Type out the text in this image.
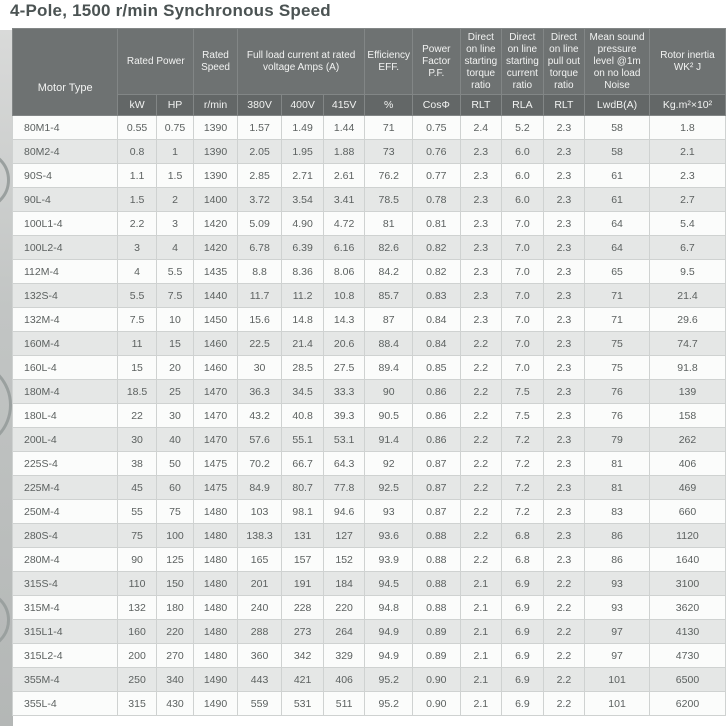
4-Pole, 1500 r/min Synchronous Speed
Motor Type	Rated Power		Rated Speed	Full load current at rated voltage Amps (A)			Efficiency EFF.	Power Factor P.F.	Direct on line starting torque ratio	Direct on line starting current ratio	Direct on line pull out torque ratio	Mean sound pressure level @1m on no load Noise	Rotor inertia WK² J
	kW	HP	r/min	380V	400V	415V	%	CosΦ	RLT	RLA	RLT	LwdB(A)	Kg.m²×10²
80M1-4	0.55	0.75	1390	1.57	1.49	1.44	71	0.75	2.4	5.2	2.3	58	1.8
80M2-4	0.8	1	1390	2.05	1.95	1.88	73	0.76	2.3	6.0	2.3	58	2.1
90S-4	1.1	1.5	1390	2.85	2.71	2.61	76.2	0.77	2.3	6.0	2.3	61	2.3
90L-4	1.5	2	1400	3.72	3.54	3.41	78.5	0.78	2.3	6.0	2.3	61	2.7
100L1-4	2.2	3	1420	5.09	4.90	4.72	81	0.81	2.3	7.0	2.3	64	5.4
100L2-4	3	4	1420	6.78	6.39	6.16	82.6	0.82	2.3	7.0	2.3	64	6.7
112M-4	4	5.5	1435	8.8	8.36	8.06	84.2	0.82	2.3	7.0	2.3	65	9.5
132S-4	5.5	7.5	1440	11.7	11.2	10.8	85.7	0.83	2.3	7.0	2.3	71	21.4
132M-4	7.5	10	1450	15.6	14.8	14.3	87	0.84	2.3	7.0	2.3	71	29.6
160M-4	11	15	1460	22.5	21.4	20.6	88.4	0.84	2.2	7.0	2.3	75	74.7
160L-4	15	20	1460	30	28.5	27.5	89.4	0.85	2.2	7.0	2.3	75	91.8
180M-4	18.5	25	1470	36.3	34.5	33.3	90	0.86	2.2	7.5	2.3	76	139
180L-4	22	30	1470	43.2	40.8	39.3	90.5	0.86	2.2	7.5	2.3	76	158
200L-4	30	40	1470	57.6	55.1	53.1	91.4	0.86	2.2	7.2	2.3	79	262
225S-4	38	50	1475	70.2	66.7	64.3	92	0.87	2.2	7.2	2.3	81	406
225M-4	45	60	1475	84.9	80.7	77.8	92.5	0.87	2.2	7.2	2.3	81	469
250M-4	55	75	1480	103	98.1	94.6	93	0.87	2.2	7.2	2.3	83	660
280S-4	75	100	1480	138.3	131	127	93.6	0.88	2.2	6.8	2.3	86	1120
280M-4	90	125	1480	165	157	152	93.9	0.88	2.2	6.8	2.3	86	1640
315S-4	110	150	1480	201	191	184	94.5	0.88	2.1	6.9	2.2	93	3100
315M-4	132	180	1480	240	228	220	94.8	0.88	2.1	6.9	2.2	93	3620
315L1-4	160	220	1480	288	273	264	94.9	0.89	2.1	6.9	2.2	97	4130
315L2-4	200	270	1480	360	342	329	94.9	0.89	2.1	6.9	2.2	97	4730
355M-4	250	340	1490	443	421	406	95.2	0.90	2.1	6.9	2.2	101	6500
355L-4	315	430	1490	559	531	511	95.2	0.90	2.1	6.9	2.2	101	6200
